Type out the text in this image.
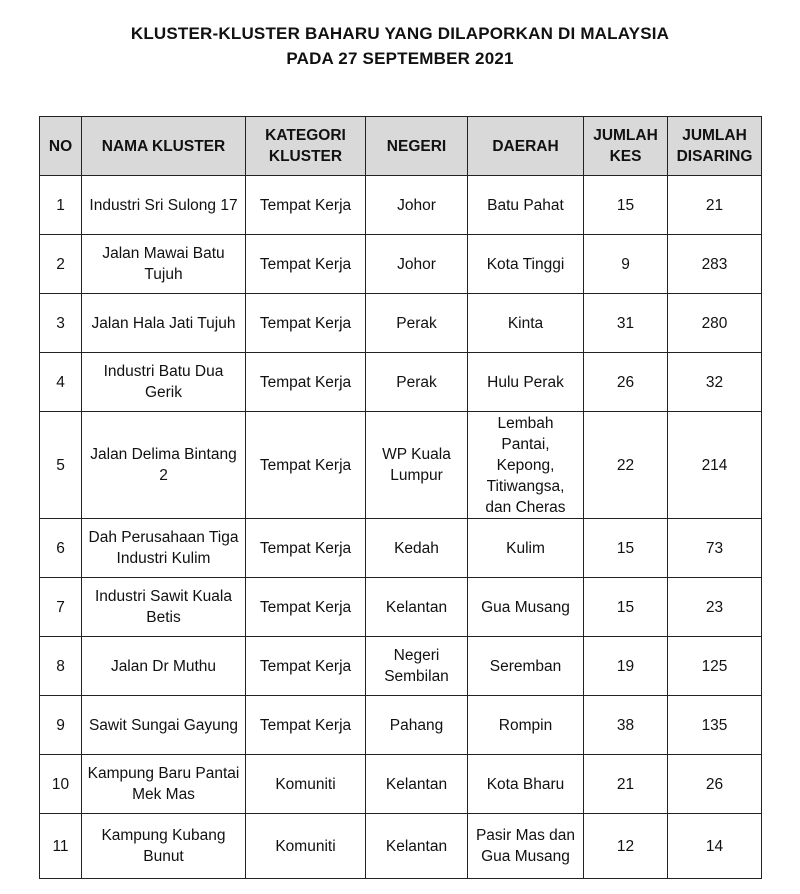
KLUSTER-KLUSTER BAHARU YANG DILAPORKAN DI MALAYSIA
PADA 27 SEPTEMBER 2021
NO	NAMA KLUSTER	KATEGORI KLUSTER	NEGERI	DAERAH	JUMLAH KES	JUMLAH DISARING
1	Industri Sri Sulong 17	Tempat Kerja	Johor	Batu Pahat	15	21
2	Jalan Mawai Batu Tujuh	Tempat Kerja	Johor	Kota Tinggi	9	283
3	Jalan Hala Jati Tujuh	Tempat Kerja	Perak	Kinta	31	280
4	Industri Batu Dua Gerik	Tempat Kerja	Perak	Hulu Perak	26	32
5	Jalan Delima Bintang 2	Tempat Kerja	WP Kuala Lumpur	Lembah Pantai, Kepong, Titiwangsa, dan Cheras	22	214
6	Dah Perusahaan Tiga Industri Kulim	Tempat Kerja	Kedah	Kulim	15	73
7	Industri Sawit Kuala Betis	Tempat Kerja	Kelantan	Gua Musang	15	23
8	Jalan Dr Muthu	Tempat Kerja	Negeri Sembilan	Seremban	19	125
9	Sawit Sungai Gayung	Tempat Kerja	Pahang	Rompin	38	135
10	Kampung Baru Pantai Mek Mas	Komuniti	Kelantan	Kota Bharu	21	26
11	Kampung Kubang Bunut	Komuniti	Kelantan	Pasir Mas dan Gua Musang	12	14
